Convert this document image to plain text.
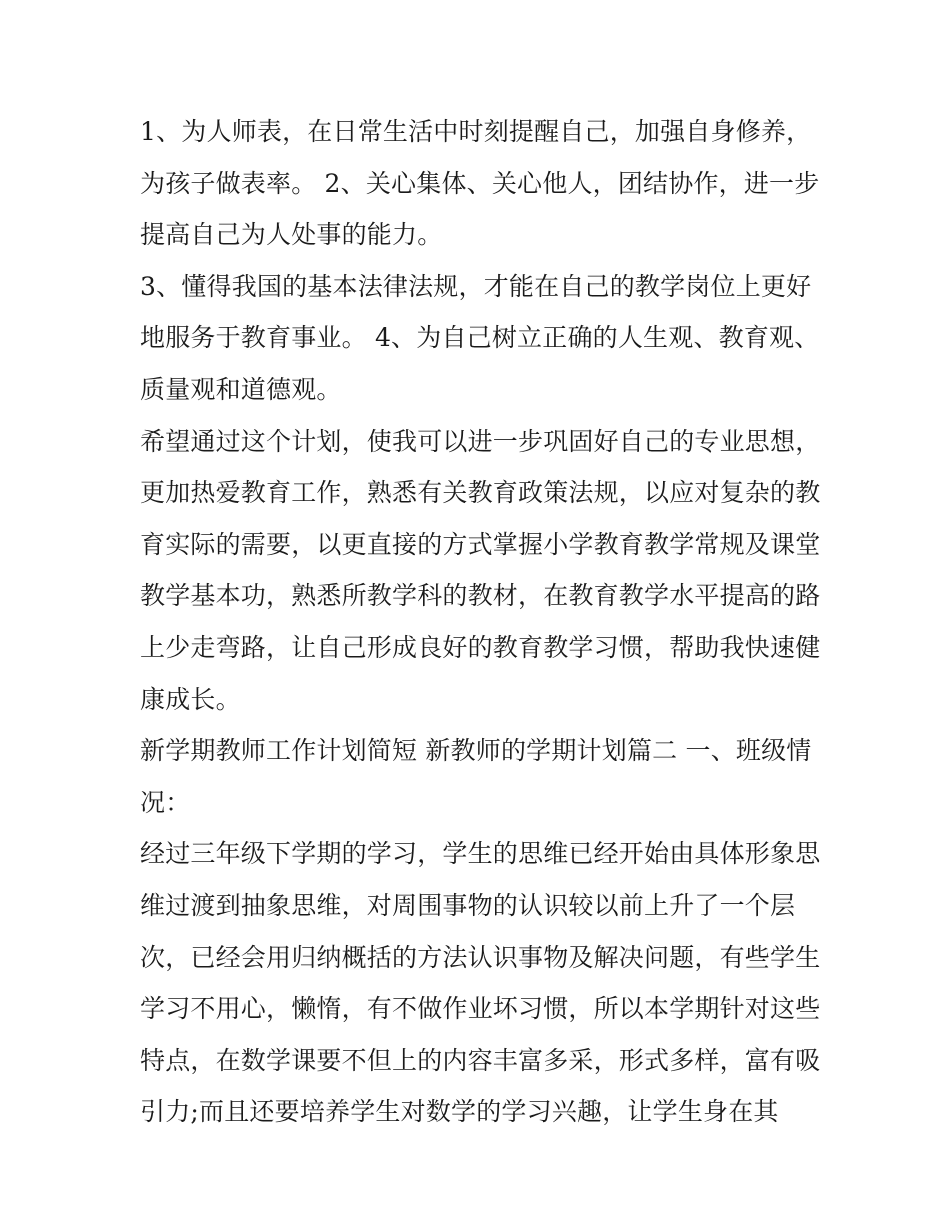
1、为人师表，在日常生活中时刻提醒自己，加强自身修养，
为孩子做表率。 2、关心集体、关心他人，团结协作，进一步
提高自己为人处事的能力。
3、懂得我国的基本法律法规，才能在自己的教学岗位上更好
地服务于教育事业。 4、为自己树立正确的人生观、教育观、
质量观和道德观。
希望通过这个计划，使我可以进一步巩固好自己的专业思想，
更加热爱教育工作，熟悉有关教育政策法规，以应对复杂的教
育实际的需要，以更直接的方式掌握小学教育教学常规及课堂
教学基本功，熟悉所教学科的教材，在教育教学水平提高的路
上少走弯路，让自己形成良好的教育教学习惯，帮助我快速健
康成长。
新学期教师工作计划简短 新教师的学期计划篇二 一、班级情
况：
经过三年级下学期的学习，学生的思维已经开始由具体形象思
维过渡到抽象思维，对周围事物的认识较以前上升了一个层
次，已经会用归纳概括的方法认识事物及解决问题，有些学生
学习不用心，懒惰，有不做作业坏习惯，所以本学期针对这些
特点，在数学课要不但上的内容丰富多采，形式多样，富有吸
引力;而且还要培养学生对数学的学习兴趣，让学生身在其
